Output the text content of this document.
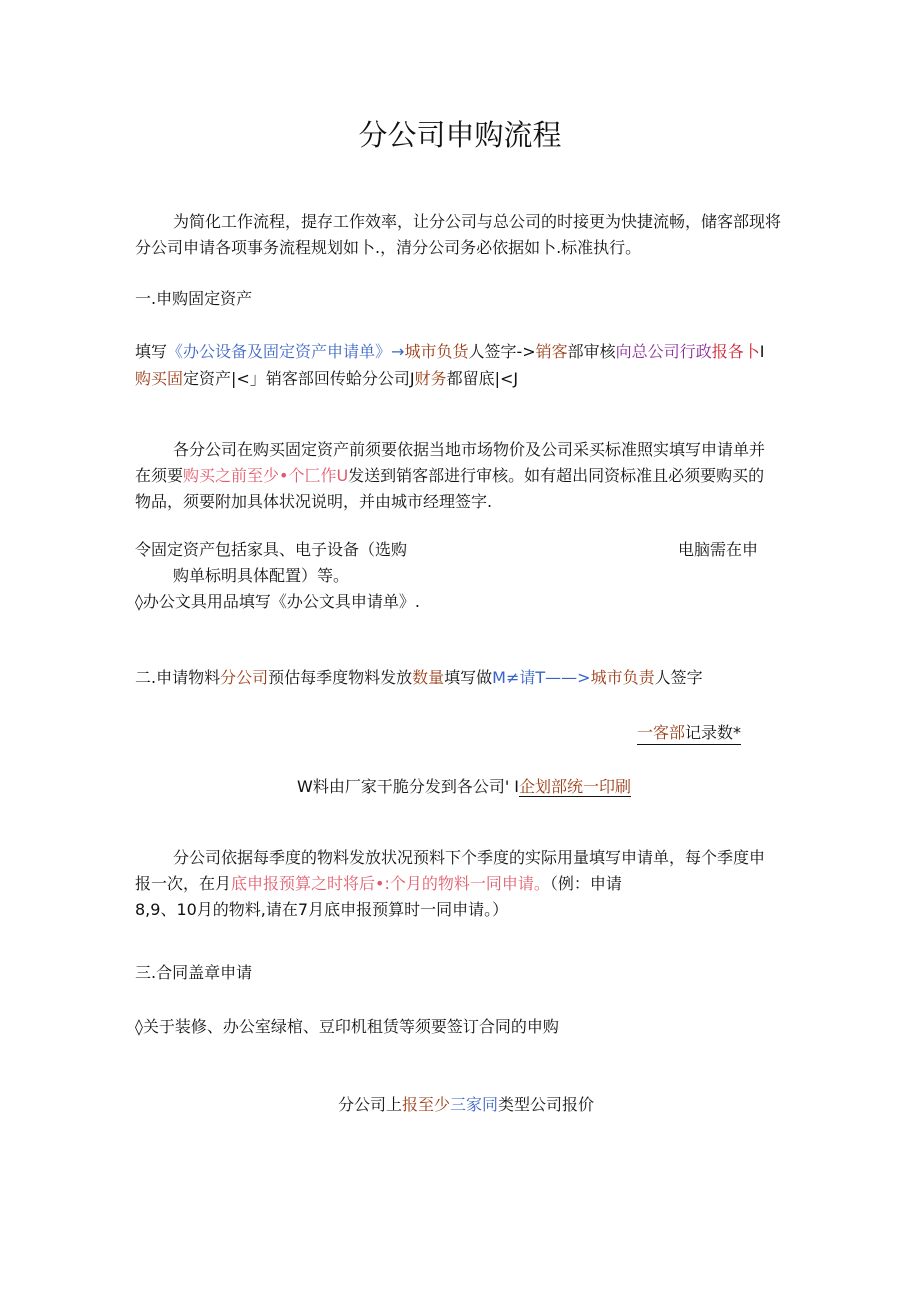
分公司申购流程
为简化工作流程，提存工作效率，让分公司与总公司的时接更为快捷流畅，储客部现将
分公司申请各项事务流程规划如卜.，清分公司务必依据如卜.标准执行。
一.申购固定资产
填写《办公设备及固定资产申请单》→城市负货人签字->销客部审核向总公司行政报各卜I
购买固定资产|<」销客部回传蛤分公司J财务都留底|<J
各分公司在购买固定资产前须要依据当地市场物价及公司采买标准照实填写申请单并
在须要购买之前至少•个匚作U发送到销客部进行审核。如有超出同资标准且必须要购买的
物品，须要附加具体状况说明，并由城市经理签字.
令固定资产包括家具、电子设备（选购	电脑需在申
购单标明具体配置）等。
◊办公文具用品填写《办公文具申请单》.
二.申请物料分公司预估每季度物料发放数量填写做M≠请T——>城市负责人签字
一客部记录数*
W料由厂家干脆分发到各公司' I企划部统一印刷
分公司依据每季度的物料发放状况预料下个季度的实际用量填写申请单，每个季度申
报一次，在月底申报预算之时将后•:个月的物料一同申请。（例：申请
8,9、10月的物料,请在7月底申报预算时一同申请。）
三.合同盖章申请
◊关于装修、办公室绿棺、豆印机租赁等须要签订合同的申购
分公司上报至少三家同类型公司报价
